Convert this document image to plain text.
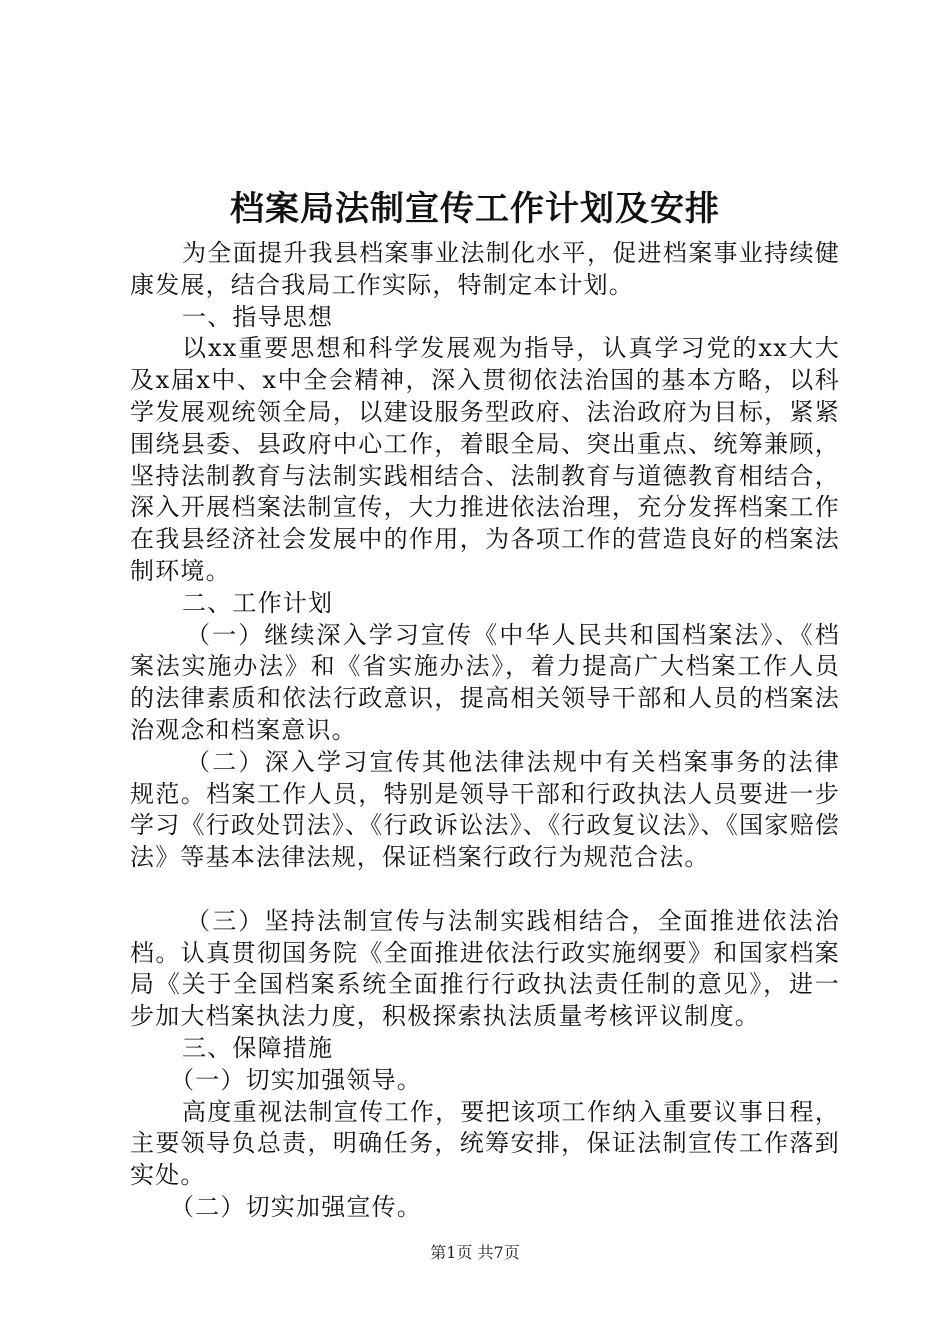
档案局法制宣传工作计划及安排

为全面提升我县档案事业法制化水平，促进档案事业持续健康发展，结合我局工作实际，特制定本计划。

一、指导思想

以xx重要思想和科学发展观为指导，认真学习党的xx大大及x届x中、x中全会精神，深入贯彻依法治国的基本方略，以科学发展观统领全局，以建设服务型政府、法治政府为目标，紧紧围绕县委、县政府中心工作，着眼全局、突出重点、统筹兼顾，坚持法制教育与法制实践相结合、法制教育与道德教育相结合，深入开展档案法制宣传，大力推进依法治理，充分发挥档案工作在我县经济社会发展中的作用，为各项工作的营造良好的档案法制环境。

二、工作计划

（一）继续深入学习宣传《中华人民共和国档案法》、《档案法实施办法》和《省实施办法》，着力提高广大档案工作人员的法律素质和依法行政意识，提高相关领导干部和人员的档案法治观念和档案意识。

（二）深入学习宣传其他法律法规中有关档案事务的法律规范。档案工作人员，特别是领导干部和行政执法人员要进一步学习《行政处罚法》、《行政诉讼法》、《行政复议法》、《国家赔偿法》等基本法律法规，保证档案行政行为规范合法。

（三）坚持法制宣传与法制实践相结合，全面推进依法治档。认真贯彻国务院《全面推进依法行政实施纲要》和国家档案局《关于全国档案系统全面推行行政执法责任制的意见》，进一步加大档案执法力度，积极探索执法质量考核评议制度。

三、保障措施

（一）切实加强领导。

高度重视法制宣传工作，要把该项工作纳入重要议事日程，主要领导负总责，明确任务，统筹安排，保证法制宣传工作落到实处。

（二）切实加强宣传。

第1页 共7页
